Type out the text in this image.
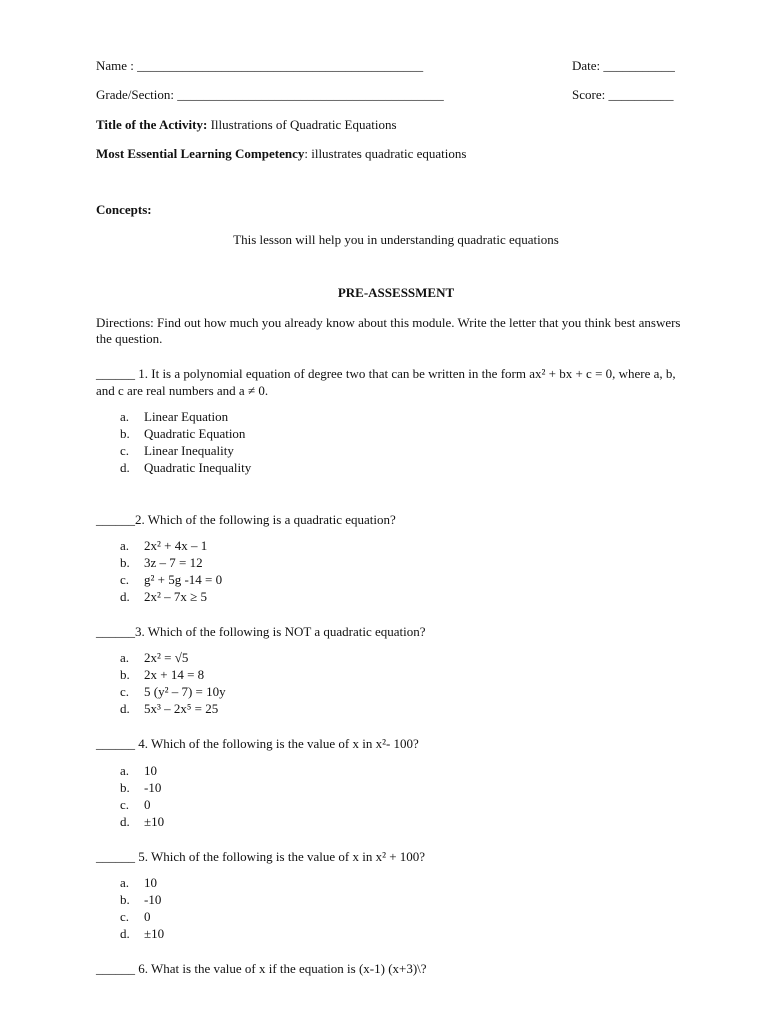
Name : ____________________________________________	Date: ___________
Grade/Section: _________________________________________	Score: __________
Title of the Activity: Illustrations of Quadratic Equations
Most Essential Learning Competency: illustrates quadratic equations
Concepts:
This lesson will help you in understanding quadratic equations
PRE-ASSESSMENT
Directions: Find out how much you already know about this module. Write the letter that you think best answers the question.
______ 1. It is a polynomial equation of degree two that can be written in the form ax² + bx + c = 0, where a, b, and c are real numbers and a ≠ 0.
a.	Linear Equation
b.	Quadratic Equation
c.	Linear Inequality
d.	Quadratic Inequality
______2. Which of the following is a quadratic equation?
a.	2x² + 4x – 1
b.	3z – 7 = 12
c.	g² + 5g -14 = 0
d.	2x² – 7x ≥ 5
______3. Which of the following is NOT a quadratic equation?
a.	2x² = √5
b.	2x + 14 = 8
c.	5 (y² – 7) = 10y
d.	5x³ – 2x⁵ = 25
______ 4. Which of the following is the value of x in x²- 100?
a.	10
b.	-10
c.	0
d.	±10
______ 5. Which of the following is the value of x in x² + 100?
a.	10
b.	-10
c.	0
d.	±10
______ 6. What is the value of x if the equation is (x-1) (x+3)\?
